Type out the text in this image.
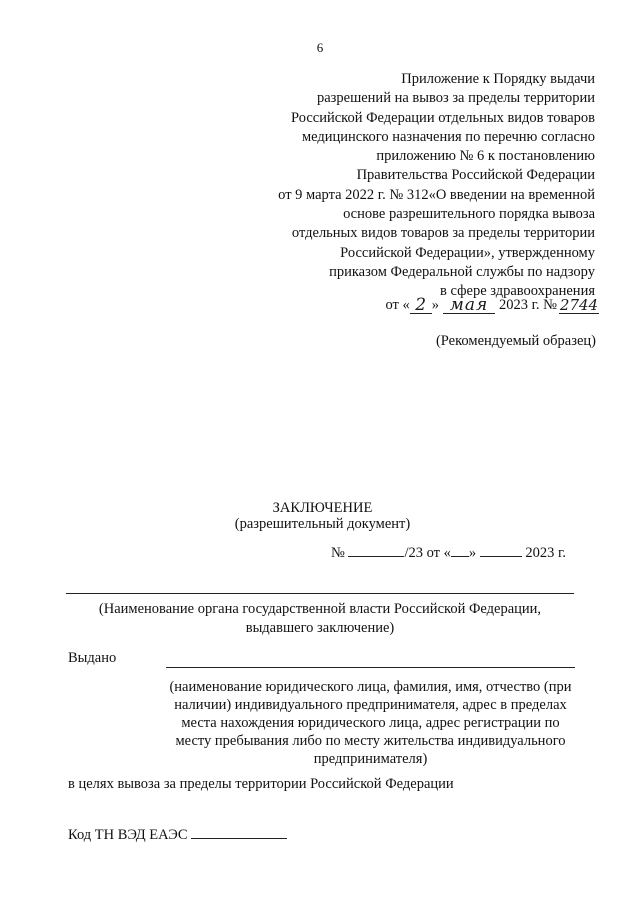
6
Приложение к Порядку выдачи
разрешений на вывоз за пределы территории
Российской Федерации отдельных видов товаров
медицинского назначения по перечню согласно
приложению № 6 к постановлению
Правительства Российской Федерации
от 9 марта 2022 г. № 312«О введении на временной
основе разрешительного порядка вывоза
отдельных видов товаров за пределы территории
Российской Федерации», утвержденному
приказом Федеральной службы по надзору
в сфере здравоохранения
от « 2 » мая 2023 г. № 2744
(Рекомендуемый образец)
ЗАКЛЮЧЕНИЕ
(разрешительный документ)
№	/23 от « »	2023 г.
(Наименование органа государственной власти Российской Федерации, выдавшего заключение)
Выдано
(наименование юридического лица, фамилия, имя, отчество (при наличии) индивидуального предпринимателя, адрес в пределах места нахождения юридического лица, адрес регистрации по месту пребывания либо по месту жительства индивидуального предпринимателя)
в целях вывоза за пределы территории Российской Федерации
Код ТН ВЭД ЕАЭС
